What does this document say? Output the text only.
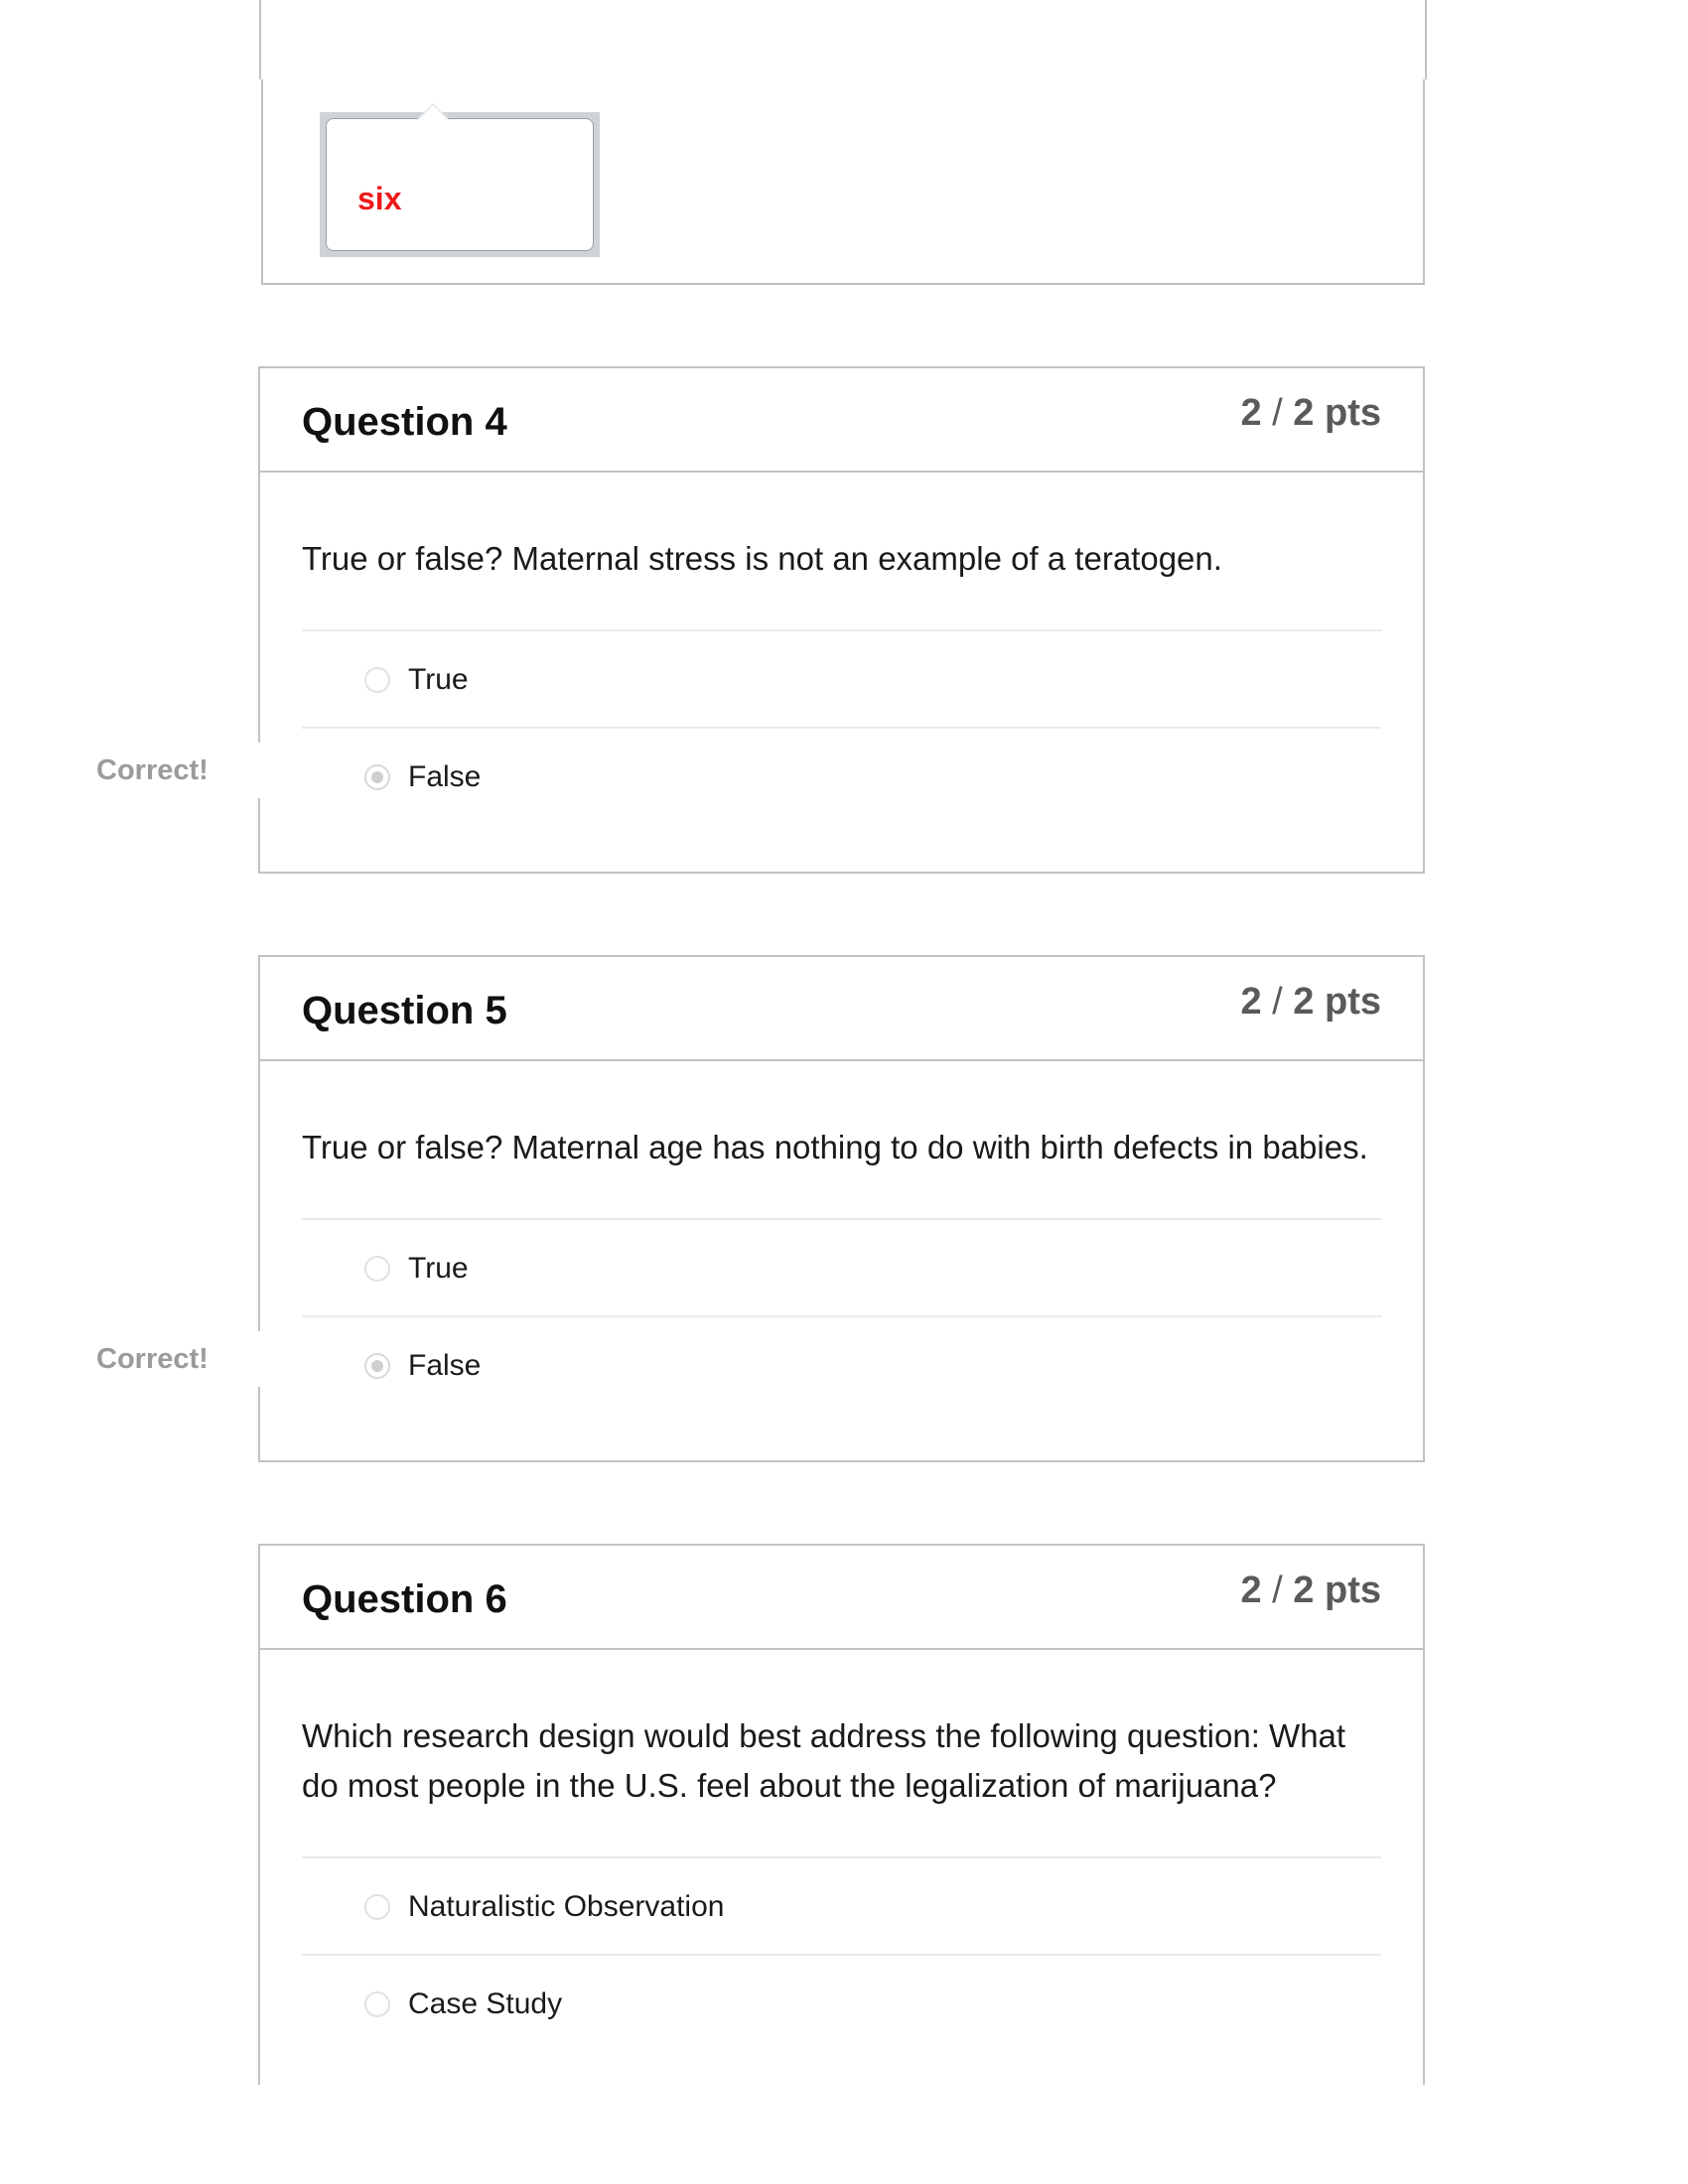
six
Question 4	2 / 2 pts

True or false? Maternal stress is not an example of a teratogen.

True
False
Correct!
Question 5	2 / 2 pts

True or false? Maternal age has nothing to do with birth defects in babies.

True
False
Correct!
Question 6	2 / 2 pts

Which research design would best address the following question: What do most people in the U.S. feel about the legalization of marijuana?

Naturalistic Observation
Case Study
